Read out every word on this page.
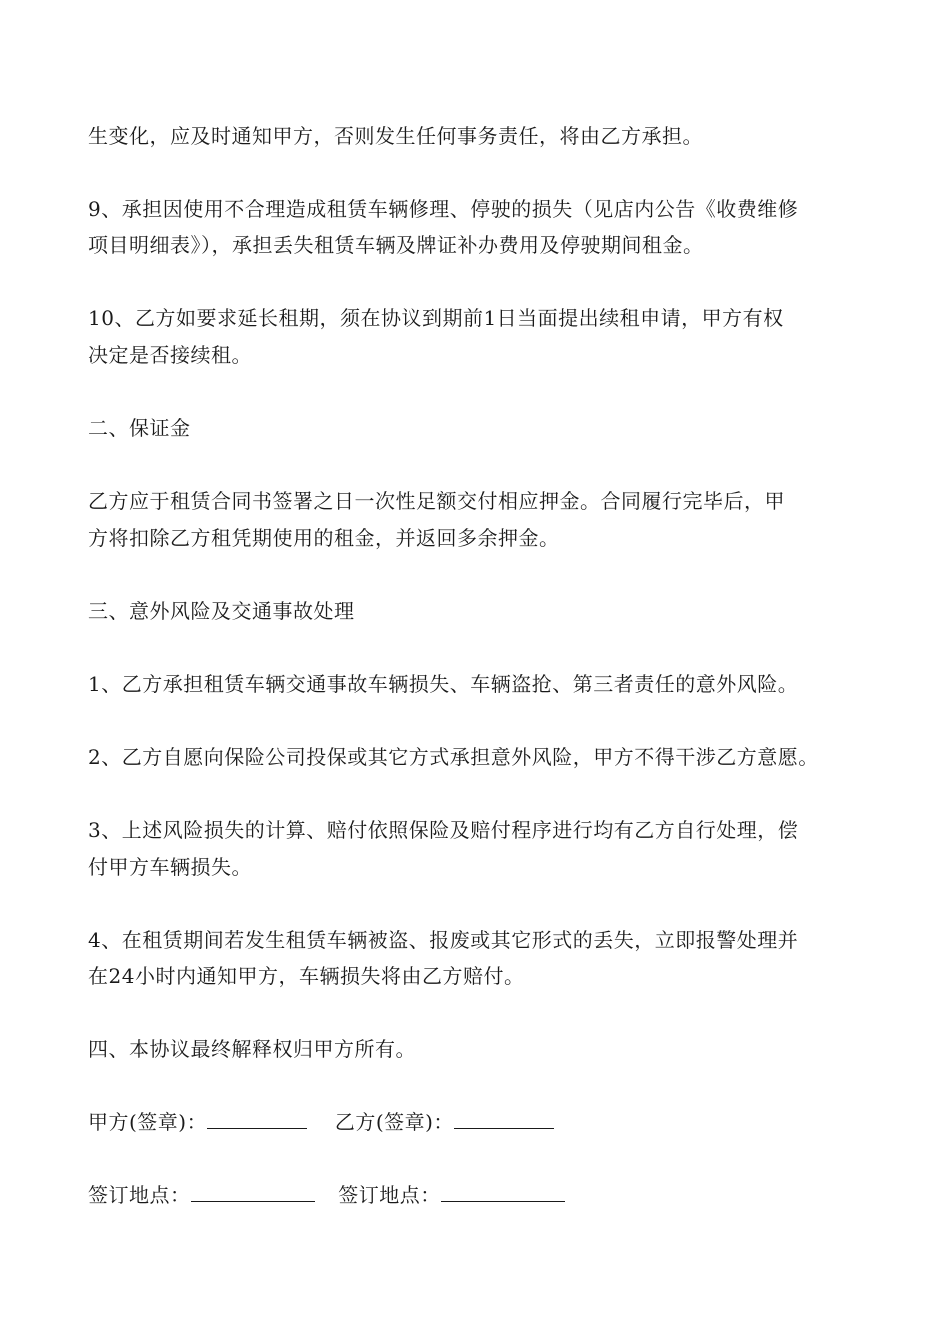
生变化，应及时通知甲方，否则发生任何事务责任，将由乙方承担。
9、承担因使用不合理造成租赁车辆修理、停驶的损失（见店内公告《收费维修
项目明细表》），承担丢失租赁车辆及牌证补办费用及停驶期间租金。
10、乙方如要求延长租期，须在协议到期前1日当面提出续租申请，甲方有权
决定是否接续租。
二、保证金
乙方应于租赁合同书签署之日一次性足额交付相应押金。合同履行完毕后，甲
方将扣除乙方租凭期使用的租金，并返回多余押金。
三、意外风险及交通事故处理
1、乙方承担租赁车辆交通事故车辆损失、车辆盗抢、第三者责任的意外风险。
2、乙方自愿向保险公司投保或其它方式承担意外风险，甲方不得干涉乙方意愿。
3、上述风险损失的计算、赔付依照保险及赔付程序进行均有乙方自行处理，偿
付甲方车辆损失。
4、在租赁期间若发生租赁车辆被盗、报废或其它形式的丢失，立即报警处理并
在24小时内通知甲方，车辆损失将由乙方赔付。
四、本协议最终解释权归甲方所有。
甲方(签章)：	乙方(签章)：
签订地点：	签订地点：
